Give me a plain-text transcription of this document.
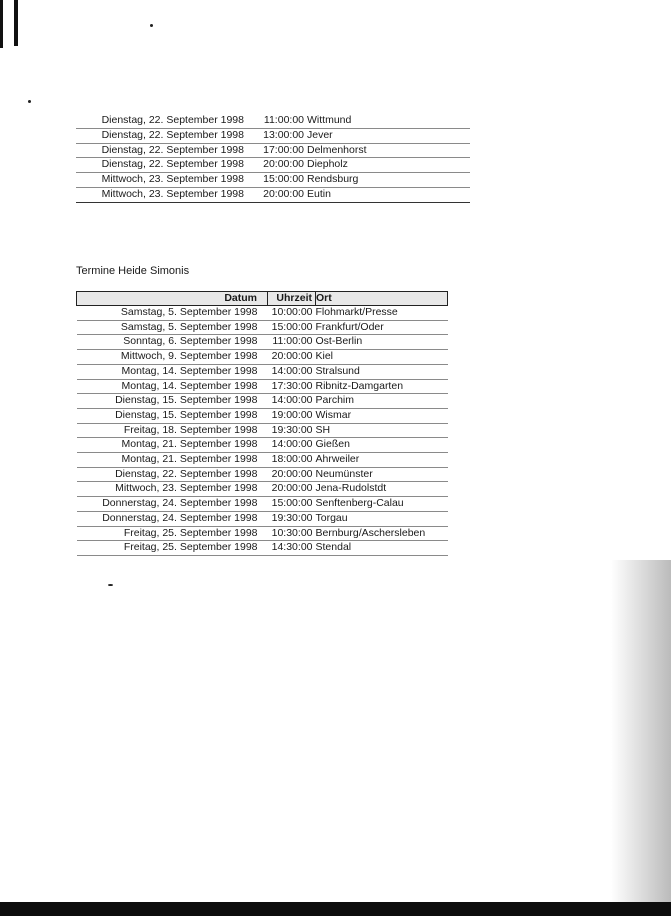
Dienstag, 22. September 1998	11:00:00	Wittmund
Dienstag, 22. September 1998	13:00:00	Jever
Dienstag, 22. September 1998	17:00:00	Delmenhorst
Dienstag, 22. September 1998	20:00:00	Diepholz
Mittwoch, 23. September 1998	15:00:00	Rendsburg
Mittwoch, 23. September 1998	20:00:00	Eutin
Termine Heide Simonis
Datum	Uhrzeit	Ort
Samstag, 5. September 1998	10:00:00	Flohmarkt/Presse
Samstag, 5. September 1998	15:00:00	Frankfurt/Oder
Sonntag, 6. September 1998	11:00:00	Ost-Berlin
Mittwoch, 9. September 1998	20:00:00	Kiel
Montag, 14. September 1998	14:00:00	Stralsund
Montag, 14. September 1998	17:30:00	Ribnitz-Damgarten
Dienstag, 15. September 1998	14:00:00	Parchim
Dienstag, 15. September 1998	19:00:00	Wismar
Freitag, 18. September 1998	19:30:00	SH
Montag, 21. September 1998	14:00:00	Gießen
Montag, 21. September 1998	18:00:00	Ahrweiler
Dienstag, 22. September 1998	20:00:00	Neumünster
Mittwoch, 23. September 1998	20:00:00	Jena-Rudolstdt
Donnerstag, 24. September 1998	15:00:00	Senftenberg-Calau
Donnerstag, 24. September 1998	19:30:00	Torgau
Freitag, 25. September 1998	10:30:00	Bernburg/Aschersleben
Freitag, 25. September 1998	14:30:00	Stendal
